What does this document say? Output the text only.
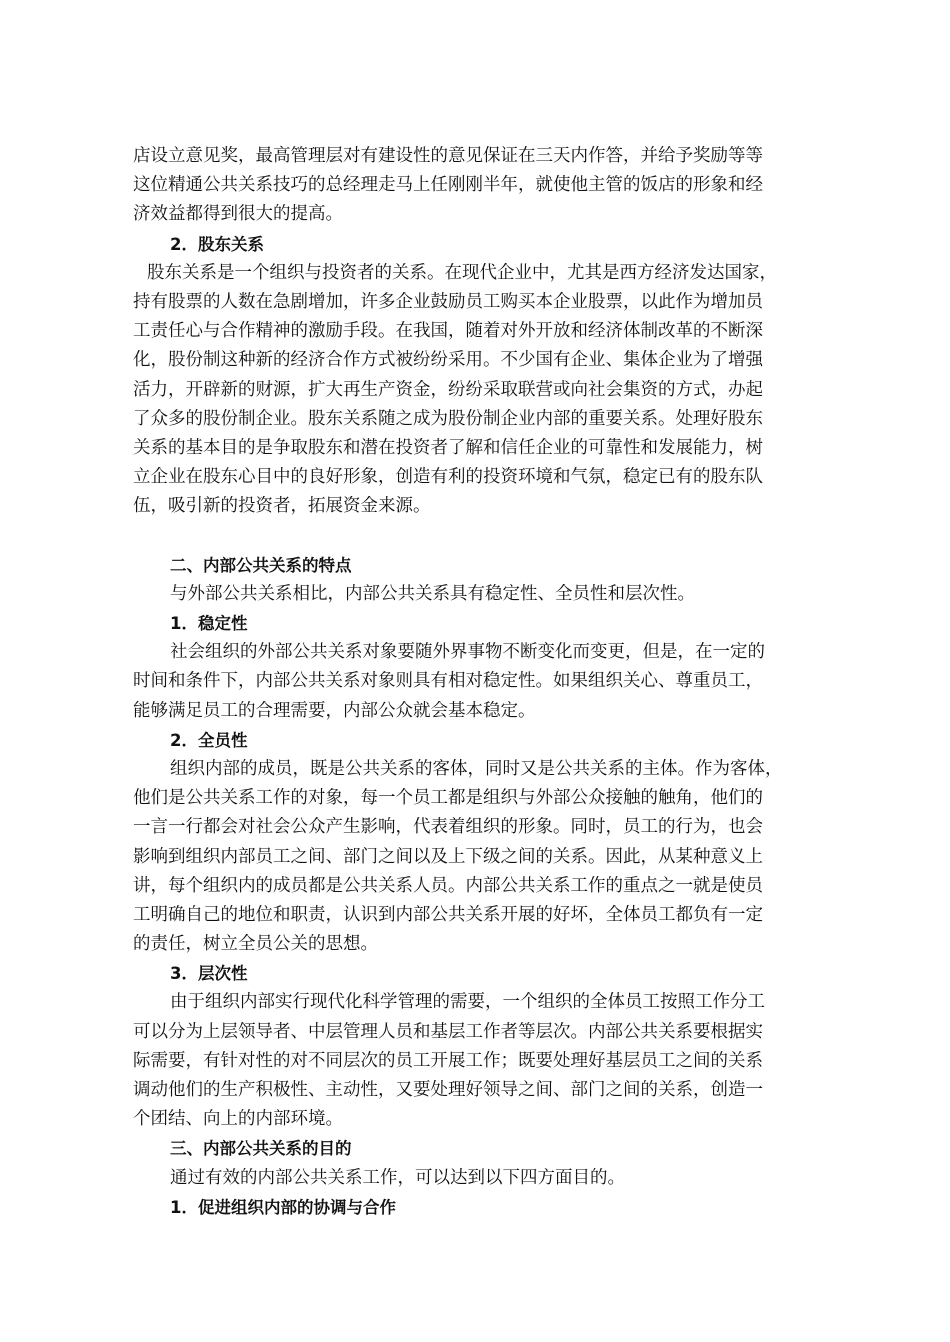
店设立意见奖，最高管理层对有建设性的意见保证在三天内作答，并给予奖励等等
这位精通公共关系技巧的总经理走马上任刚刚半年，就使他主管的饭店的形象和经
济效益都得到很大的提高。
2．股东关系
股东关系是一个组织与投资者的关系。在现代企业中，尤其是西方经济发达国家，
持有股票的人数在急剧增加，许多企业鼓励员工购买本企业股票，以此作为增加员
工责任心与合作精神的激励手段。在我国，随着对外开放和经济体制改革的不断深
化，股份制这种新的经济合作方式被纷纷采用。不少国有企业、集体企业为了增强
活力，开辟新的财源，扩大再生产资金，纷纷采取联营或向社会集资的方式，办起
了众多的股份制企业。股东关系随之成为股份制企业内部的重要关系。处理好股东
关系的基本目的是争取股东和潜在投资者了解和信任企业的可靠性和发展能力，树
立企业在股东心目中的良好形象，创造有利的投资环境和气氛，稳定已有的股东队
伍，吸引新的投资者，拓展资金来源。
二、内部公共关系的特点
与外部公共关系相比，内部公共关系具有稳定性、全员性和层次性。
1．稳定性
社会组织的外部公共关系对象要随外界事物不断变化而变更，但是，在一定的
时间和条件下，内部公共关系对象则具有相对稳定性。如果组织关心、尊重员工，
能够满足员工的合理需要，内部公众就会基本稳定。
2．全员性
组织内部的成员，既是公共关系的客体，同时又是公共关系的主体。作为客体，
他们是公共关系工作的对象，每一个员工都是组织与外部公众接触的触角，他们的
一言一行都会对社会公众产生影响，代表着组织的形象。同时，员工的行为，也会
影响到组织内部员工之间、部门之间以及上下级之间的关系。因此，从某种意义上
讲，每个组织内的成员都是公共关系人员。内部公共关系工作的重点之一就是使员
工明确自己的地位和职责，认识到内部公共关系开展的好坏，全体员工都负有一定
的责任，树立全员公关的思想。
3．层次性
由于组织内部实行现代化科学管理的需要，一个组织的全体员工按照工作分工
可以分为上层领导者、中层管理人员和基层工作者等层次。内部公共关系要根据实
际需要，有针对性的对不同层次的员工开展工作；既要处理好基层员工之间的关系
调动他们的生产积极性、主动性，又要处理好领导之间、部门之间的关系，创造一
个团结、向上的内部环境。
三、内部公共关系的目的
通过有效的内部公共关系工作，可以达到以下四方面目的。
1．促进组织内部的协调与合作
